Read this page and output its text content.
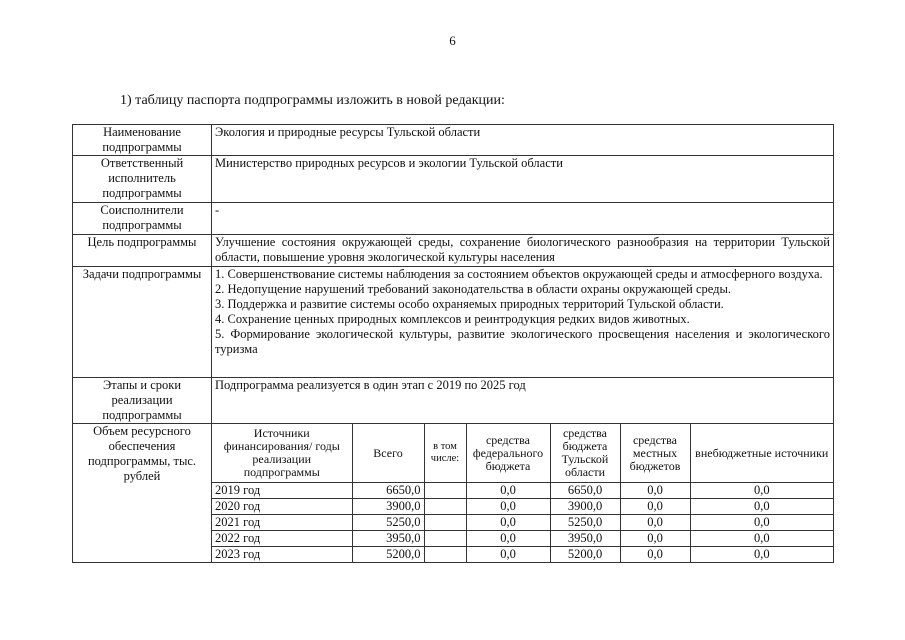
6
1) таблицу паспорта подпрограммы изложить в новой редакции:
Наименование подпрограммы	Экология и природные ресурсы Тульской области
Ответственный исполнитель подпрограммы	Министерство природных ресурсов и экологии Тульской области
Соисполнители подпрограммы	-
Цель подпрограммы	Улучшение состояния окружающей среды, сохранение биологического разнообразия на территории Тульской области, повышение уровня экологической культуры населения
Задачи подпрограммы	1. Совершенствование системы наблюдения за состоянием объектов окружающей среды и атмосферного воздуха.
2. Недопущение нарушений требований законодательства в области охраны окружающей среды.
3. Поддержка и развитие системы особо охраняемых природных территорий Тульской области.
4. Сохранение ценных природных комплексов и реинтродукция редких видов животных.
5. Формирование экологической культуры, развитие экологического просвещения населения и экологического туризма

Этапы и сроки реализации подпрограммы	Подпрограмма реализуется в один этап с 2019 по 2025 год
Объем ресурсного обеспечения подпрограммы, тыс. рублей	
Источники финансирования/ годы реализации подпрограммы	Всего	в том числе:	средства федерального бюджета	средства бюджета Тульской области	средства местных бюджетов	внебюджетные источники
2019 год	6650,0		0,0	6650,0	0,0	0,0
2020 год	3900,0		0,0	3900,0	0,0	0,0
2021 год	5250,0		0,0	5250,0	0,0	0,0
2022 год	3950,0		0,0	3950,0	0,0	0,0
2023 год	5200,0		0,0	5200,0	0,0	0,0
